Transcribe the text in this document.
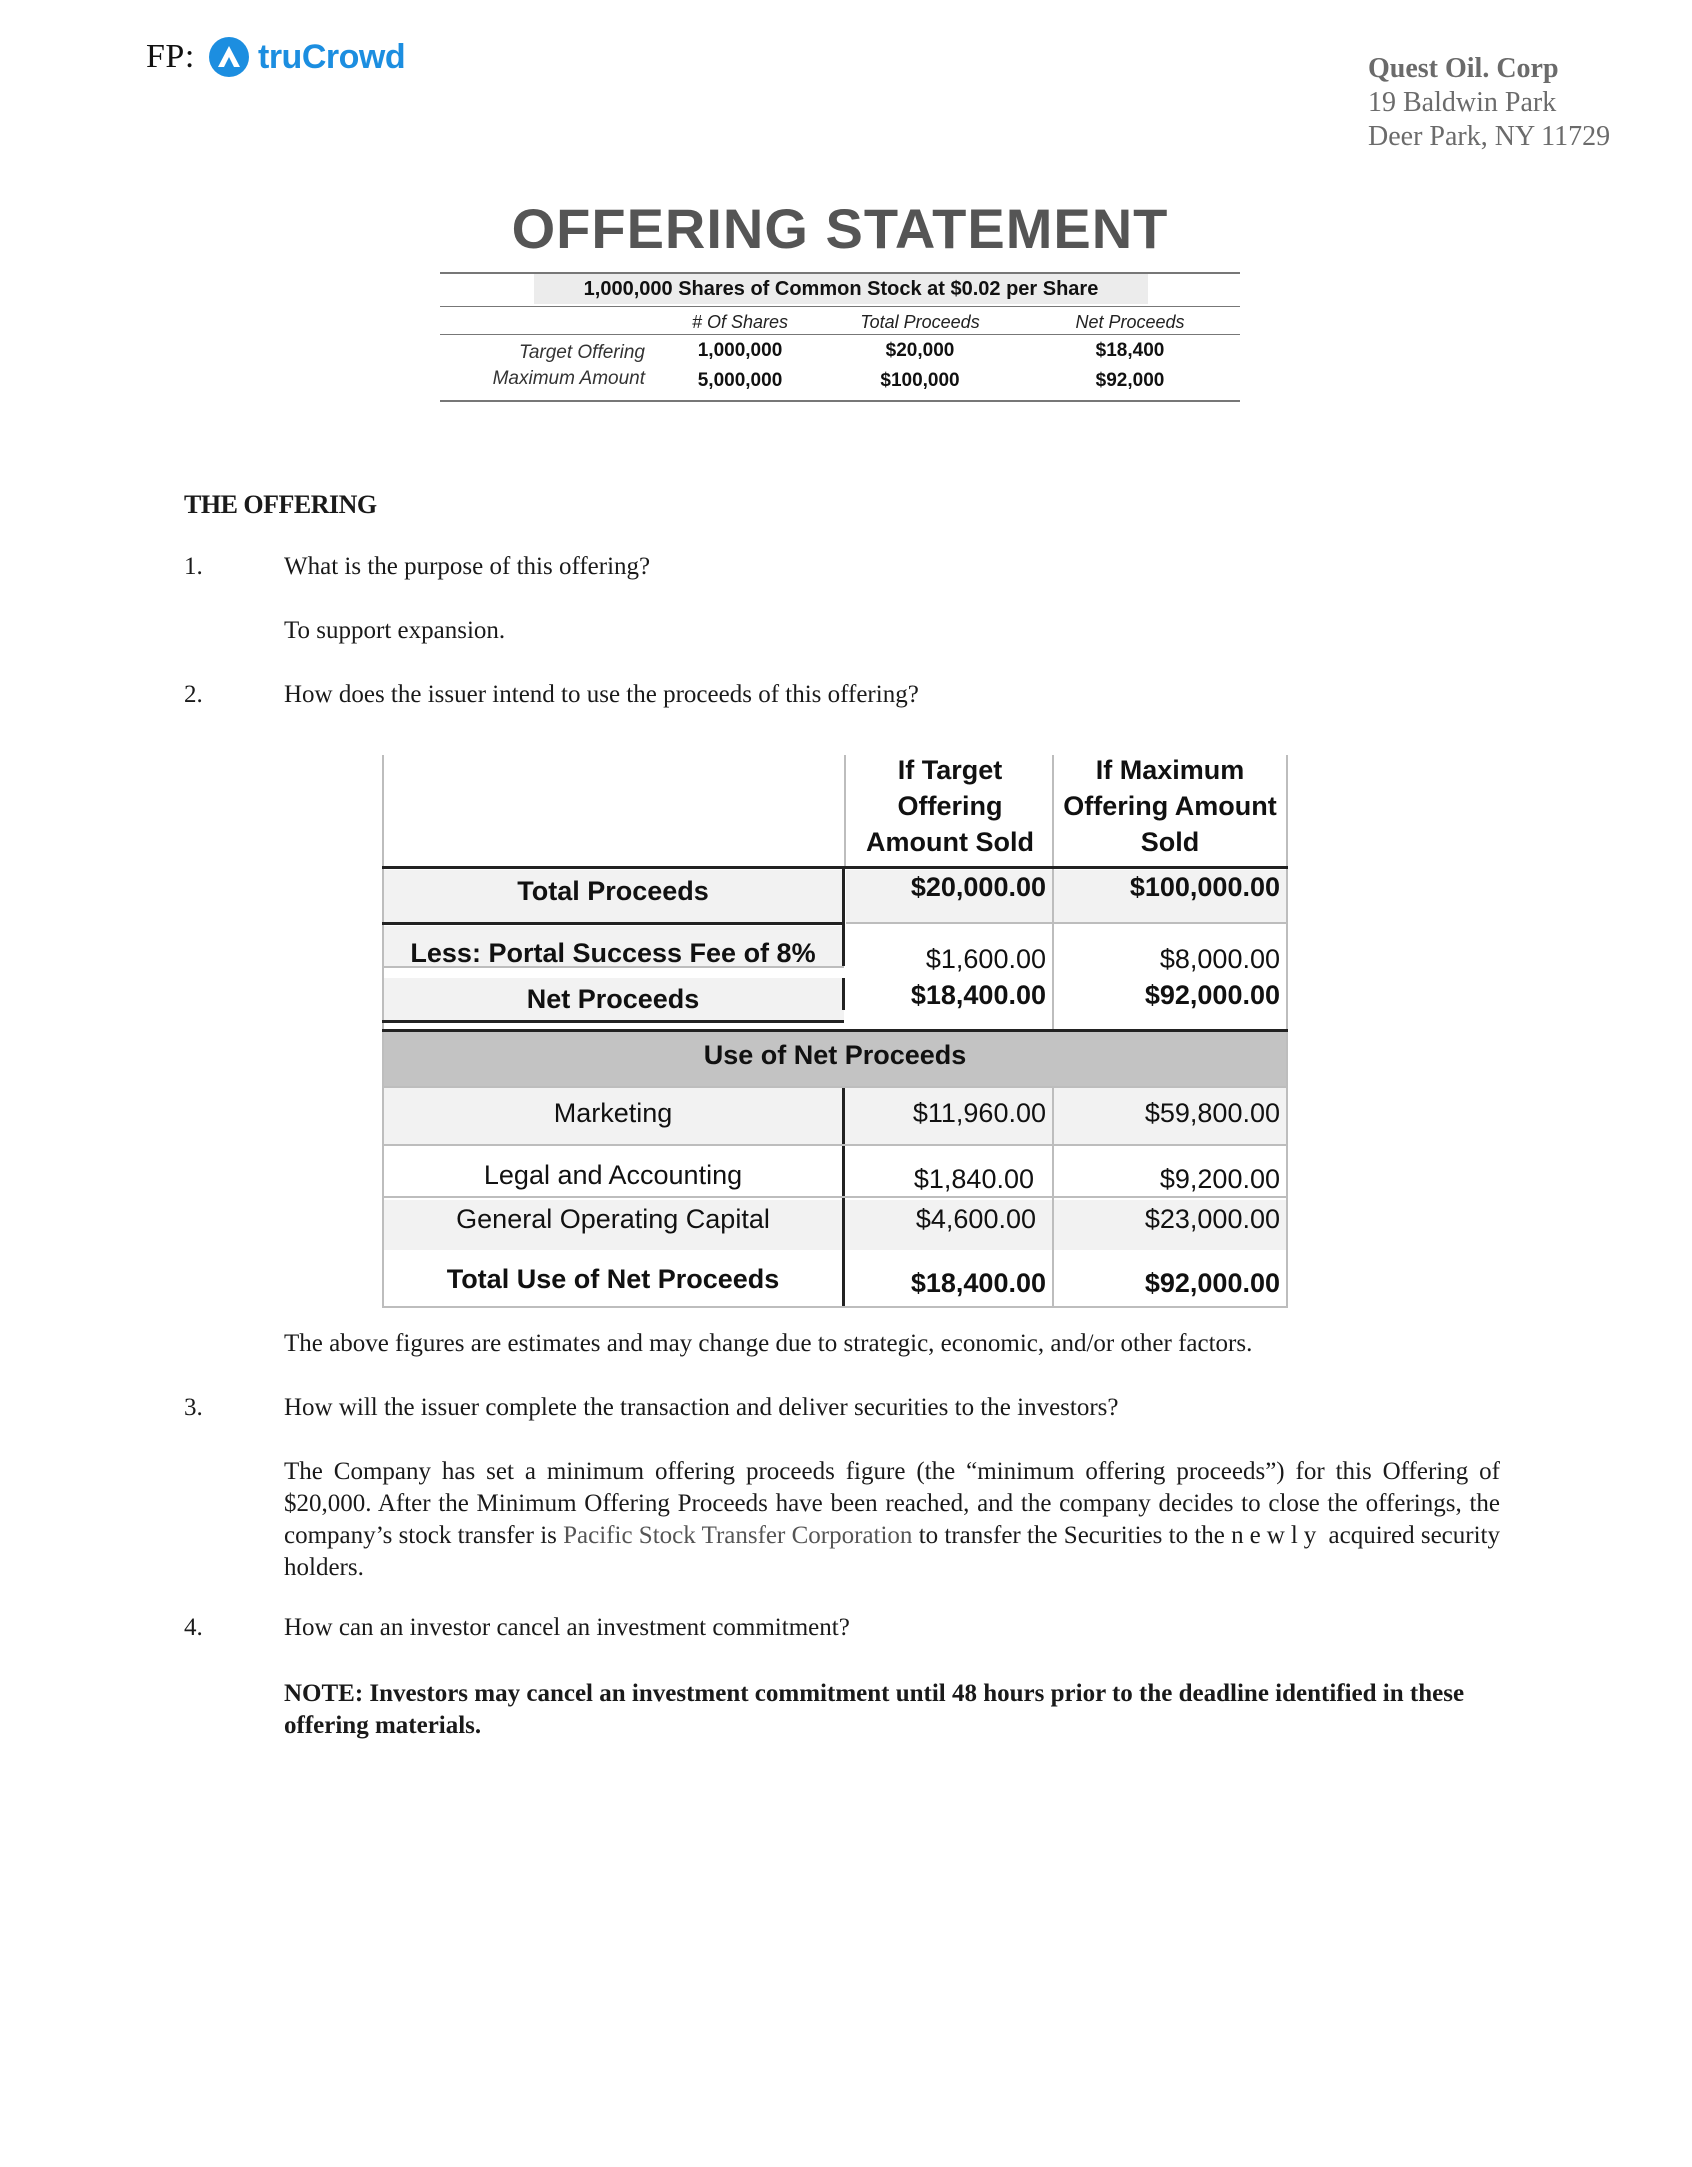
FP: truCrowd	Quest Oil. Corp
19 Baldwin Park
Deer Park, NY 11729
OFFERING STATEMENT
1,000,000 Shares of Common Stock at $0.02 per Share
# Of Shares	Total Proceeds	Net Proceeds
Target Offering	1,000,000	$20,000	$18,400
Maximum Amount	5,000,000	$100,000	$92,000
THE OFFERING
1.	What is the purpose of this offering?
To support expansion.
2.	How does the issuer intend to use the proceeds of this offering?
If Target Offering Amount Sold
If Maximum Offering Amount Sold
Total Proceeds	$20,000.00	$100,000.00
Less: Portal Success Fee of 8%	$1,600.00	$8,000.00
Net Proceeds	$18,400.00	$92,000.00
Use of Net Proceeds
Marketing	$11,960.00	$59,800.00
Legal and Accounting	$1,840.00	$9,200.00
General Operating Capital	$4,600.00	$23,000.00
Total Use of Net Proceeds	$18,400.00	$92,000.00
The above figures are estimates and may change due to strategic, economic, and/or other factors.
3.	How will the issuer complete the transaction and deliver securities to the investors?
The Company has set a minimum offering proceeds figure (the “minimum offering proceeds”) for this Offering of $20,000. After the Minimum Offering Proceeds have been reached, and the company decides to close the offerings, the company’s stock transfer is Pacific Stock Transfer Corporation to transfer the Securities to the newly acquired security holders.
4.	How can an investor cancel an investment commitment?
NOTE: Investors may cancel an investment commitment until 48 hours prior to the deadline identified in these offering materials.
